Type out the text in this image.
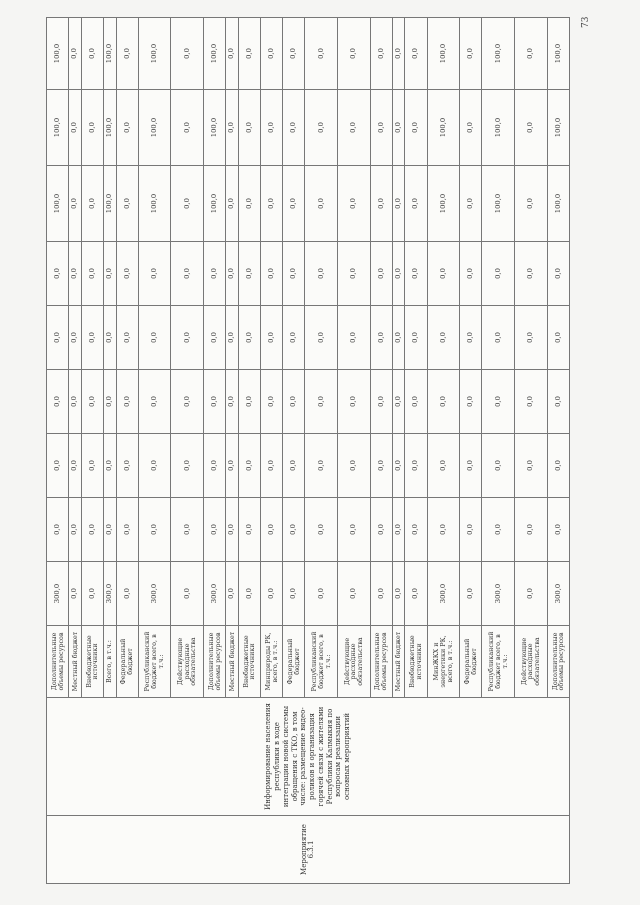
73
Мероприятие 6.3.1	Информирование населения республики в ходе интеграции новой системы обращения с ТКО, в том числе: размещение видео-роликов и организация горячей связи с жителями Республики Калмыкия по вопросам реализации основных мероприятий	Дополнительные объемы ресурсов	300,0	0,0	0,0	0,0	0,0	0,0	100,0	100,0	100,0
		Местный бюджет	0,0	0,0	0,0	0,0	0,0	0,0	0,0	0,0	0,0
		Внебюджетные источники	0,0	0,0	0,0	0,0	0,0	0,0	0,0	0,0	0,0
		Всего, в т.ч.:	300,0	0,0	0,0	0,0	0,0	0,0	100,0	100,0	100,0
		Федеральный бюджет	0,0	0,0	0,0	0,0	0,0	0,0	0,0	0,0	0,0
		Республиканский бюджет всего, в т.ч.:	300,0	0,0	0,0	0,0	0,0	0,0	100,0	100,0	100,0
		Действующие расходные обязательства	0,0	0,0	0,0	0,0	0,0	0,0	0,0	0,0	0,0
		Дополнительные объемы ресурсов	300,0	0,0	0,0	0,0	0,0	0,0	100,0	100,0	100,0
		Местный бюджет	0,0	0,0	0,0	0,0	0,0	0,0	0,0	0,0	0,0
		Внебюджетные источники	0,0	0,0	0,0	0,0	0,0	0,0	0,0	0,0	0,0
		Минприроды РК, всего, в т.ч.:	0,0	0,0	0,0	0,0	0,0	0,0	0,0	0,0	0,0
		Федеральный бюджет	0,0	0,0	0,0	0,0	0,0	0,0	0,0	0,0	0,0
		Республиканский бюджет всего, в т.ч.:	0,0	0,0	0,0	0,0	0,0	0,0	0,0	0,0	0,0
		Действующие расходные обязательства	0,0	0,0	0,0	0,0	0,0	0,0	0,0	0,0	0,0
		Дополнительные объемы ресурсов	0,0	0,0	0,0	0,0	0,0	0,0	0,0	0,0	0,0
		Местный бюджет	0,0	0,0	0,0	0,0	0,0	0,0	0,0	0,0	0,0
		Внебюджетные источники	0,0	0,0	0,0	0,0	0,0	0,0	0,0	0,0	0,0
		МинЖКХ и энергетики РК, всего, в т.ч.:	300,0	0,0	0,0	0,0	0,0	0,0	100,0	100,0	100,0
		Федеральный бюджет	0,0	0,0	0,0	0,0	0,0	0,0	0,0	0,0	0,0
		Республиканский бюджет всего, в т.ч.:	300,0	0,0	0,0	0,0	0,0	0,0	100,0	100,0	100,0
		Действующие расходные обязательства	0,0	0,0	0,0	0,0	0,0	0,0	0,0	0,0	0,0
		Дополнительные объемы ресурсов	300,0	0,0	0,0	0,0	0,0	0,0	100,0	100,0	100,0
